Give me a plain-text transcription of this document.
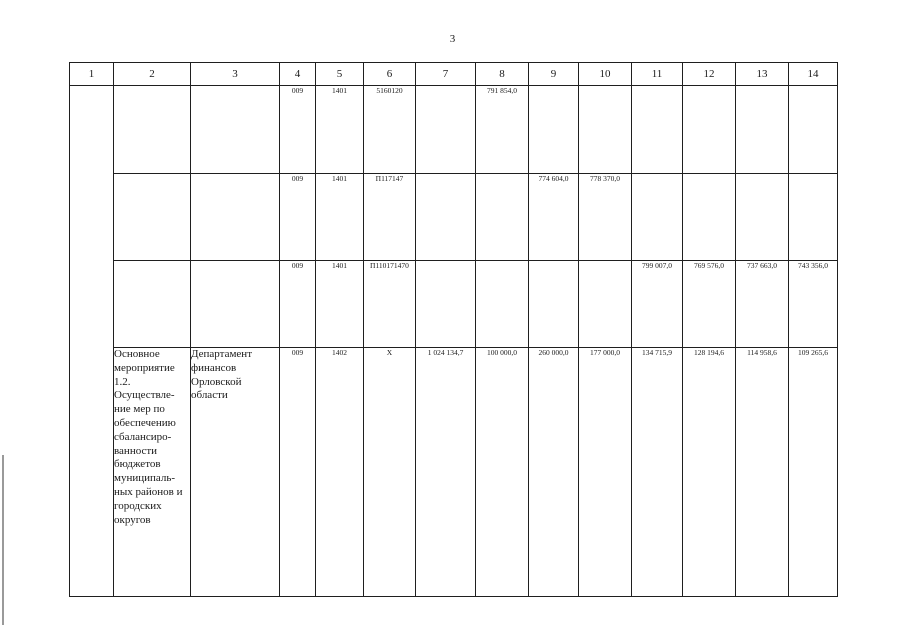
3
1	2	3	4	5	6	7	8	9	10	11	12	13	14
			009	1401	5160120		791 854,0						
			009	1401	П117147			774 604,0	778 370,0				
			009	1401	П110171470					799 007,0	769 576,0	737 663,0	743 356,0
	Основное мероприятие 1.2. Осуществле-ние мер по обеспечению сбалансиро-ванности бюджетов муниципаль-ных районов и городских округов	Департамент финансов Орловской области	009	1402	X	1 024 134,7	100 000,0	260 000,0	177 000,0	134 715,9	128 194,6	114 958,6	109 265,6
